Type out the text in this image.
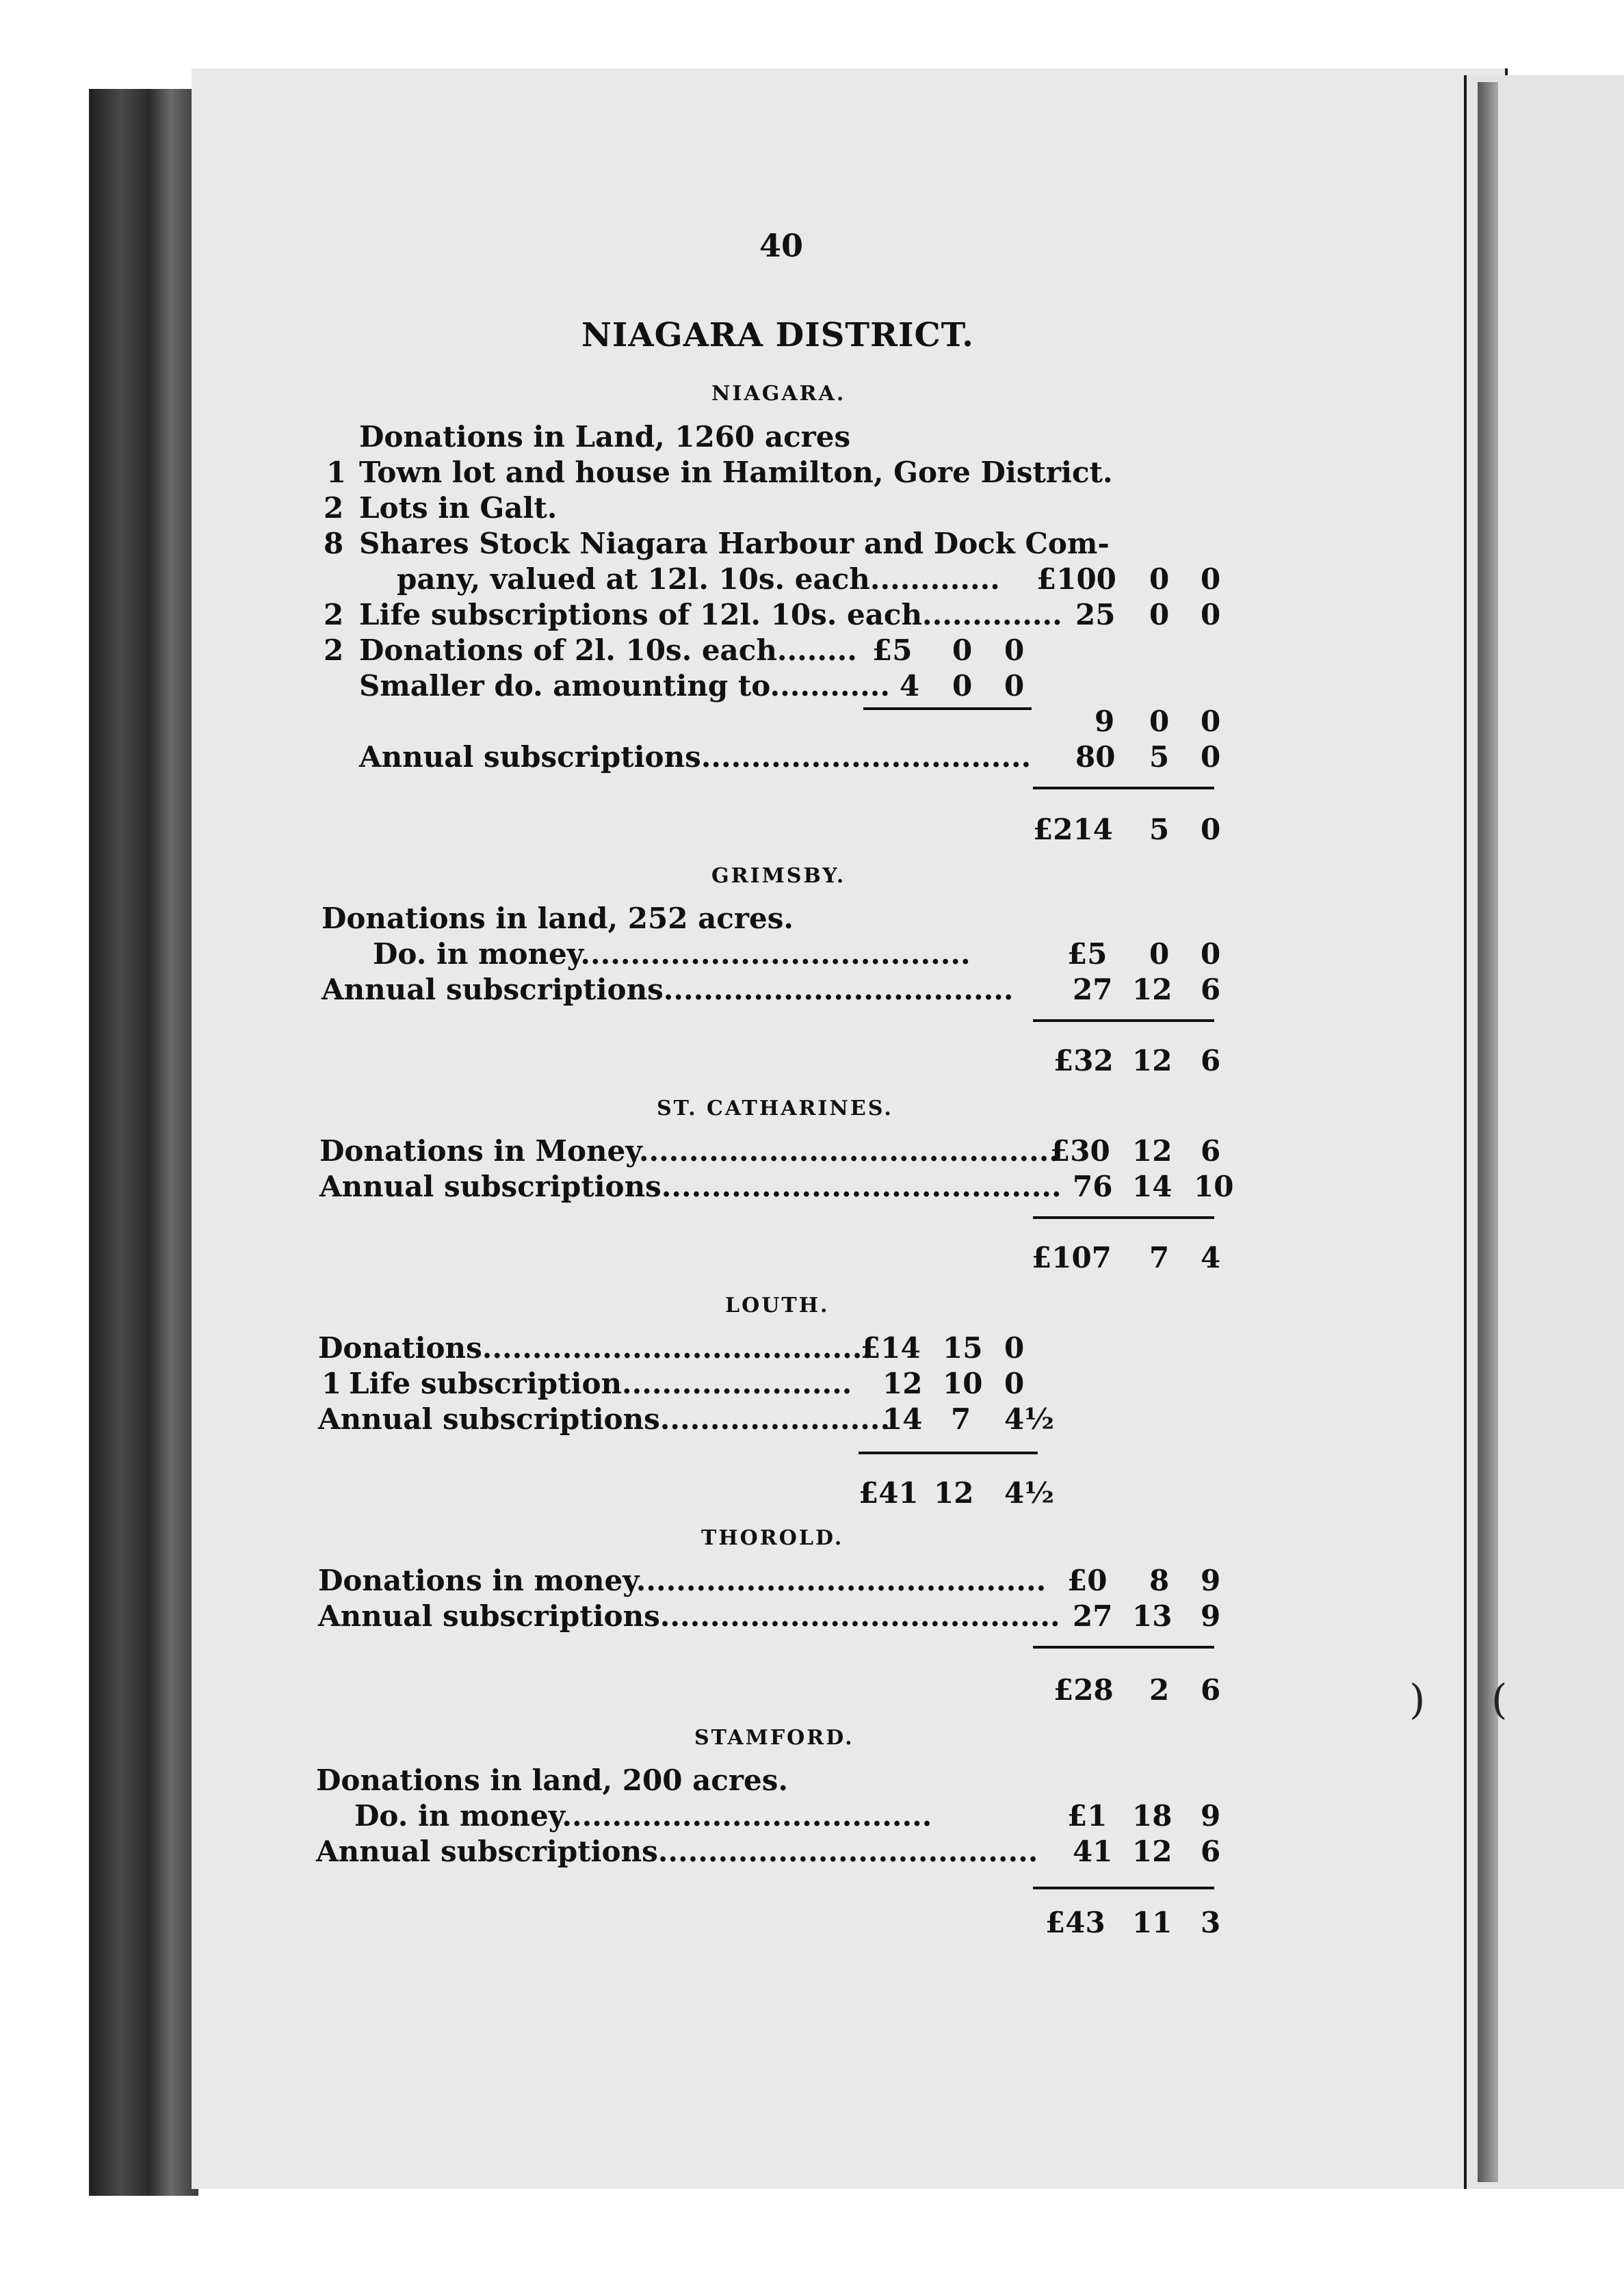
) (
40
NIAGARA DISTRICT.
NIAGARA.
Donations in Land, 1260 acres
1 Town lot and house in Hamilton, Gore District.
2 Lots in Galt.
8 Shares Stock Niagara Harbour and Dock Com-
pany, valued at 12l. 10s. each............. £100 0 0
2 Life subscriptions of 12l. 10s. each.............. 25 0 0
2 Donations of 2l. 10s. each........ £5 0 0
Smaller do. amounting to............ 4 0 0
9 0 0
Annual subscriptions................................. 80 5 0
£214 5 0
GRIMSBY.
Donations in land, 252 acres.
Do. in money.......................................	£5 0 0
Annual subscriptions................................... 27 12 6
£32 12 6
ST. CATHARINES.
Donations in Money..........................................
£30 12 6
Annual subscriptions........................................ 76 14 10
£107 7 4
LOUTH.
Donations.......................................
£14 15 0
1 Life subscription....................... 12 10 0
Annual subscriptions.......................
14 7 4½
£41 12 4½
THOROLD.
Donations in money......................................... £0 8 9
Annual subscriptions........................................ 27 13 9
£28 2 6
STAMFORD.
Donations in land, 200 acres.
Do. in money.....................................	£1 18 9
Annual subscriptions...................................... 41 12 6
£43 11 3
